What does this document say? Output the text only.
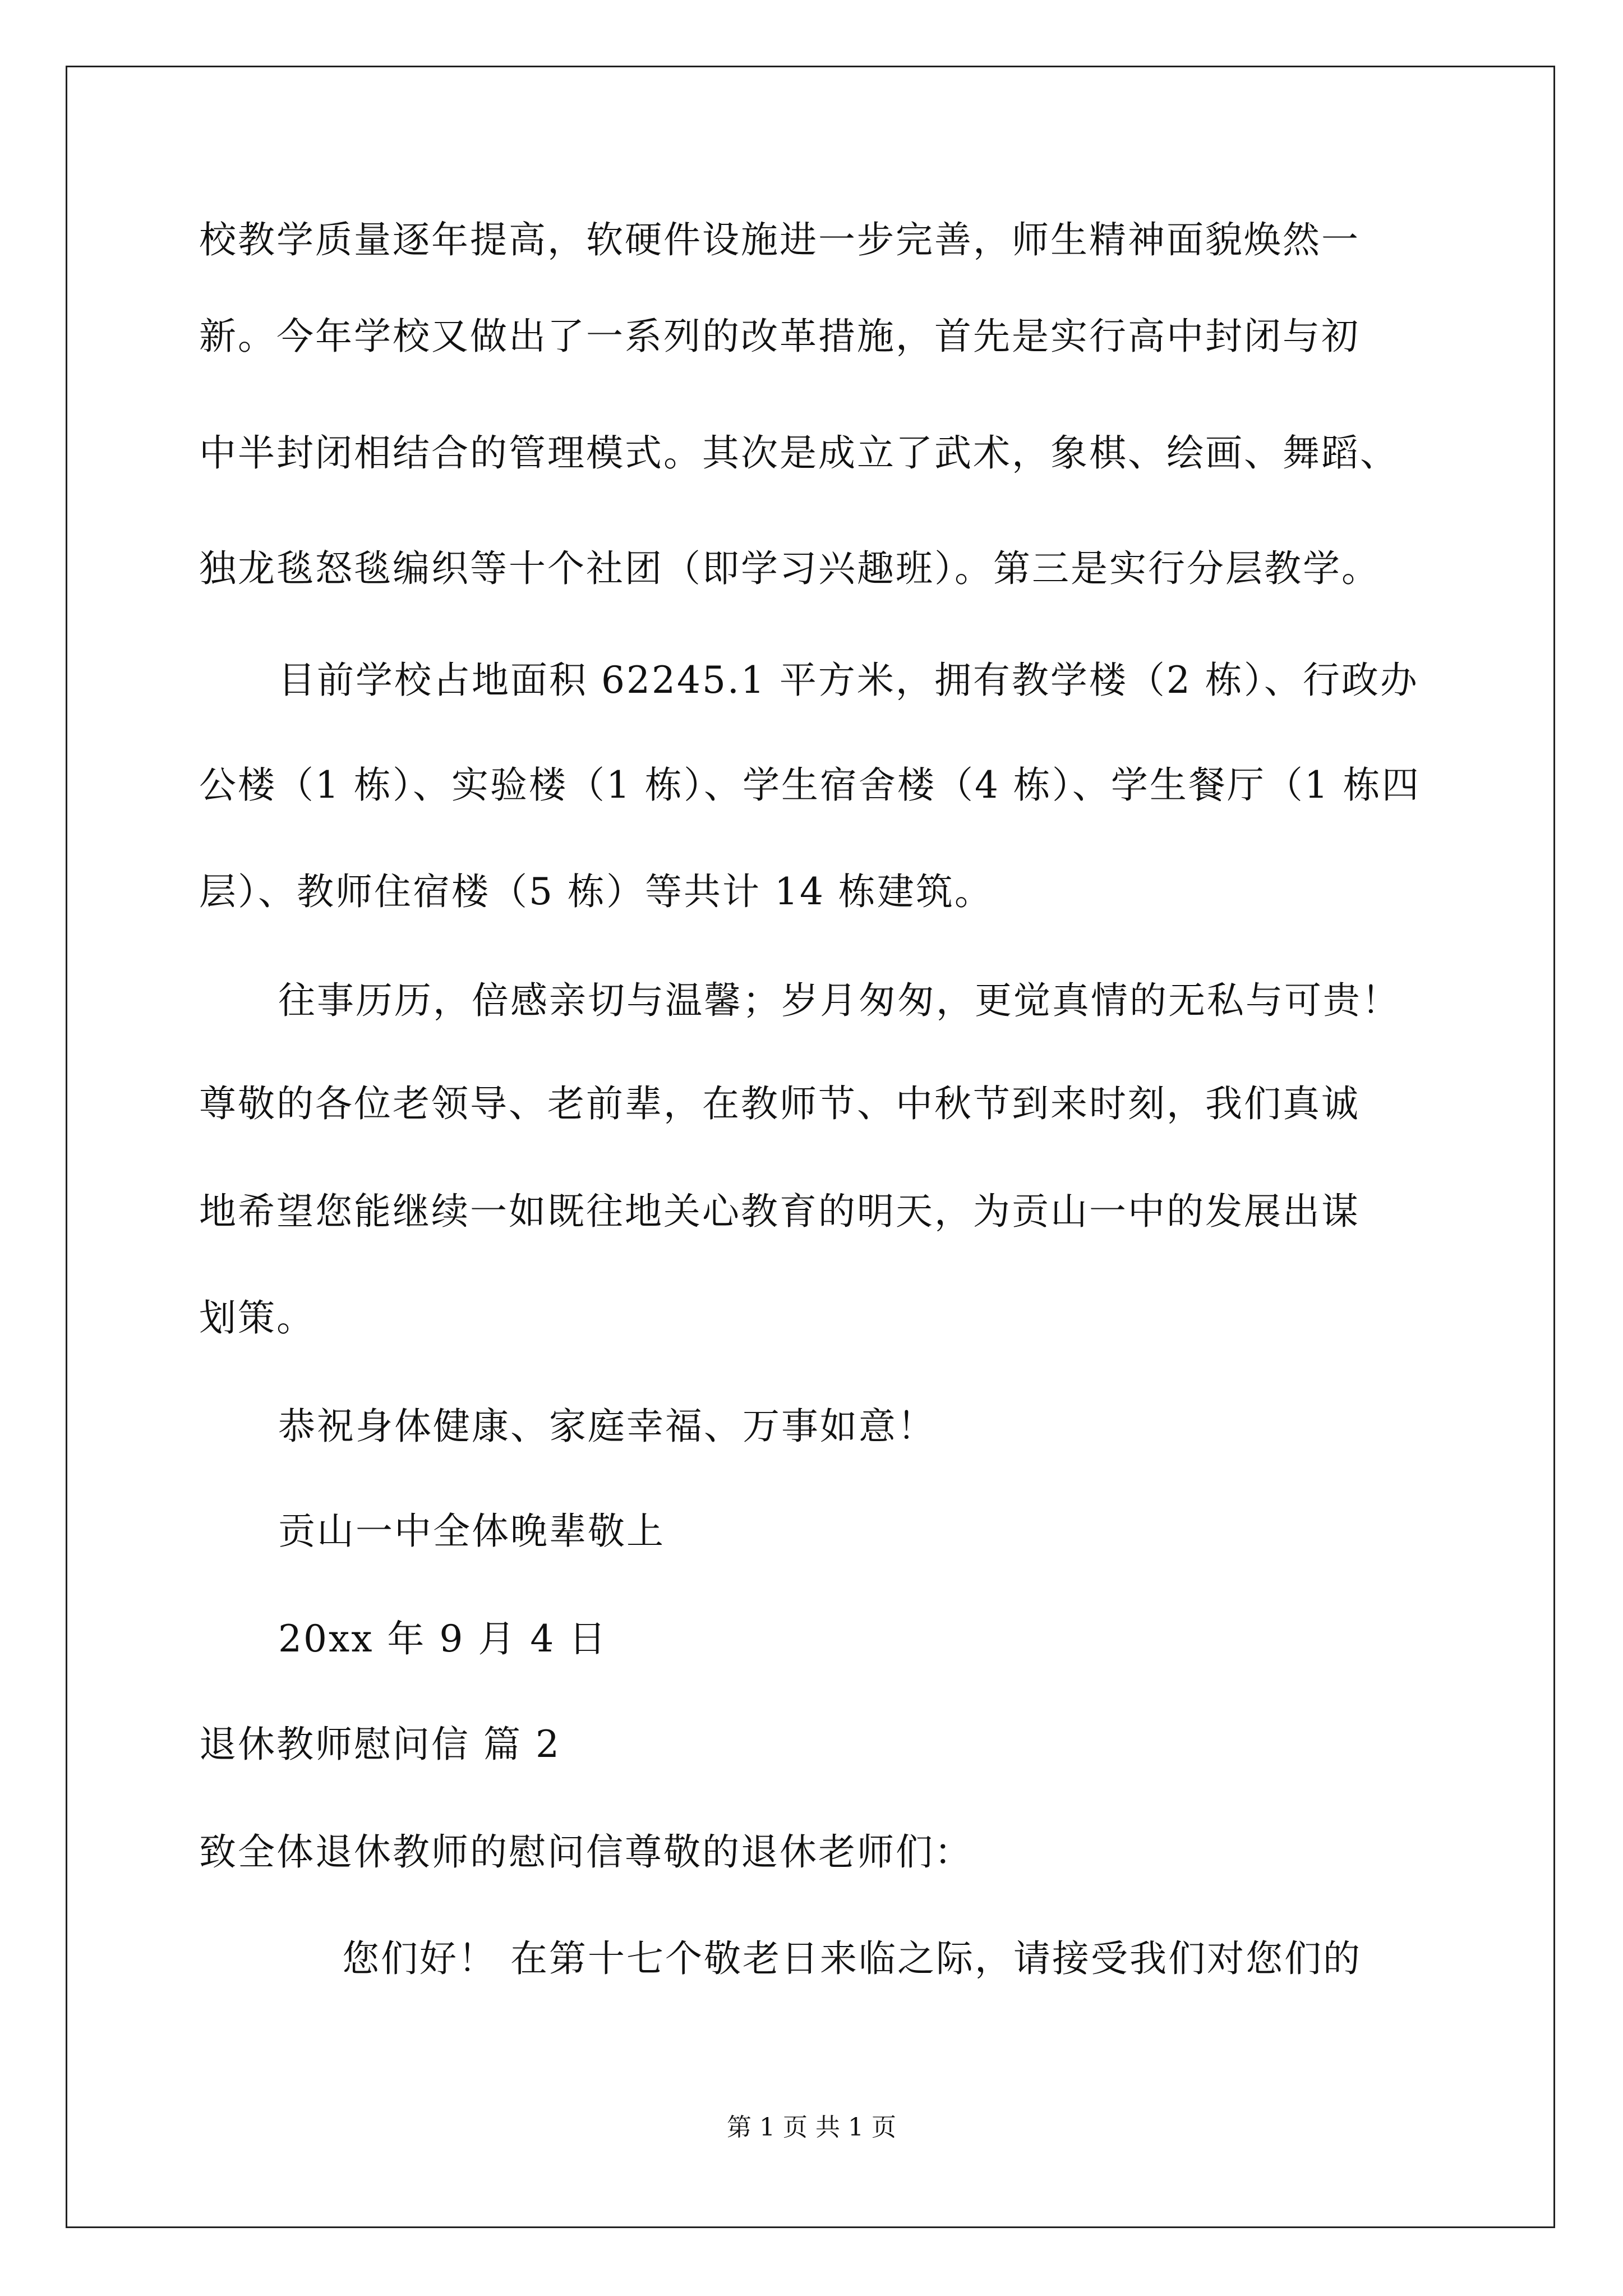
校教学质量逐年提高，软硬件设施进一步完善，师生精神面貌焕然一
新。今年学校又做出了一系列的改革措施，首先是实行高中封闭与初
中半封闭相结合的管理模式。其次是成立了武术，象棋、绘画、舞蹈、
独龙毯怒毯编织等十个社团（即学习兴趣班）。第三是实行分层教学。
目前学校占地面积 62245.1 平方米，拥有教学楼（2 栋）、行政办
公楼（1 栋）、实验楼（1 栋）、学生宿舍楼（4 栋）、学生餐厅（1 栋四
层）、教师住宿楼（5 栋）等共计 14 栋建筑。
往事历历，倍感亲切与温馨；岁月匆匆，更觉真情的无私与可贵！
尊敬的各位老领导、老前辈，在教师节、中秋节到来时刻，我们真诚
地希望您能继续一如既往地关心教育的明天，为贡山一中的发展出谋
划策。
恭祝身体健康、家庭幸福、万事如意！
贡山一中全体晚辈敬上
20xx 年 9 月 4 日
退休教师慰问信 篇 2
致全体退休教师的慰问信尊敬的退休老师们：
您们好！ 在第十七个敬老日来临之际，请接受我们对您们的
第 1 页 共 1 页
